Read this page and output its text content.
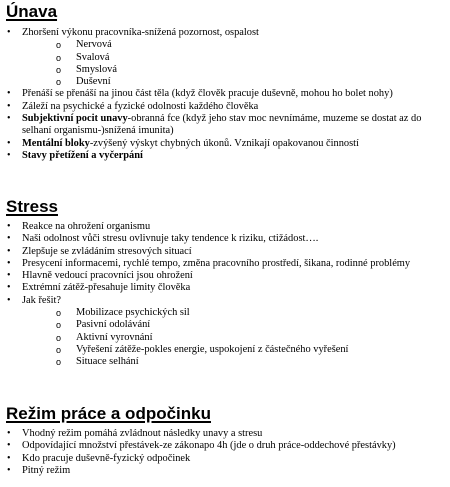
Únava
• Zhoršení výkonu pracovníka-snížená pozornost, ospalost
o Nervová
o Svalová
o Smyslová
o Duševní
• Přenáší se přenáší na jinou část těla (když člověk pracuje duševně, mohou ho bolet nohy)
• Záleží na psychické a fyzické odolnosti každého člověka
• Subjektivní pocit unavy-obranná fce (když jeho stav moc nevnímáme, muzeme se dostat az do selhaní organismu-)snížená imunita)
• Mentální bloky-zvýšený výskyt chybných úkonů. Vznikají opakovanou činností
• Stavy přetížení a vyčerpání
Stress
• Reakce na ohrožení organismu
• Naši odolnost vůči stresu ovlivnuje taky tendence k riziku, ctižádost….
• Zlepšuje se zvládáním stresových situací
• Presycení informacemi, rychlé tempo, změna pracovního prostředí, šikana, rodinné problémy
• Hlavně vedoucí pracovníci jsou ohrožení
• Extrémní zátěž-přesahuje limity člověka
• Jak řešit?
o Mobilizace psychických sil
o Pasivní odolávání
o Aktivní vyrovnání
o Vyřešení zátěže-pokles energie, uspokojení z částečného vyřešení
o Situace selhání
Režim práce a odpočinku
• Vhodný režim pomáhá zvládnout následky unavy a stresu
• Odpovídající množství přestávek-ze zákonapo 4h (jde o druh práce-oddechové přestávky)
• Kdo pracuje duševně-fyzický odpočinek
• Pitný režim
